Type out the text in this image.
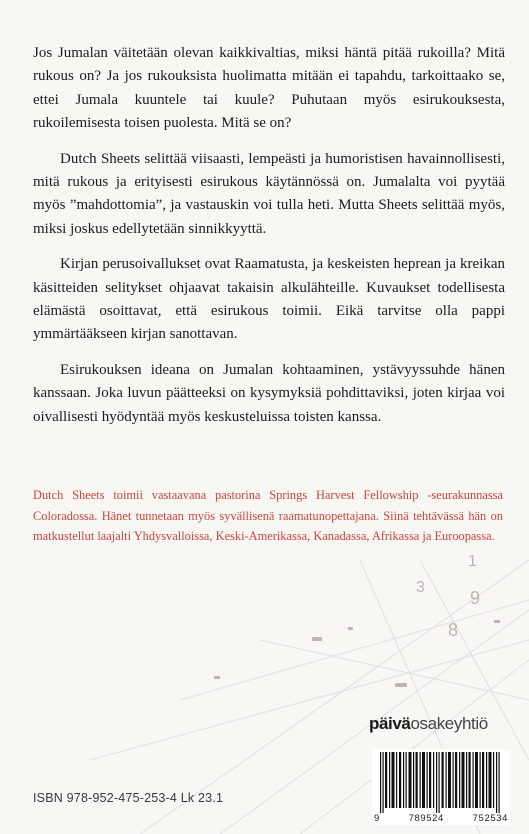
1
3
9
8

Jos Jumalan väitetään olevan kaikkivaltias, miksi häntä pitää rukoilla? Mitä rukous on? Ja jos rukouksista huolimatta mitään ei tapahdu, tarkoittaako se, ettei Jumala kuuntele tai kuule? Puhutaan myös esirukouksesta, rukoilemisesta toisen puolesta. Mitä se on?

Dutch Sheets selittää viisaasti, lempeästi ja humoristisen havainnollisesti, mitä rukous ja erityisesti esirukous käytännössä on. Jumalalta voi pyytää myös ”mahdottomia”, ja vastauskin voi tulla heti. Mutta Sheets selittää myös, miksi joskus edellytetään sinnikkyyttä.

Kirjan perusoivallukset ovat Raamatusta, ja keskeisten heprean ja kreikan käsitteiden selitykset ohjaavat takaisin alkulähteille. Kuvaukset todellisesta elämästä osoittavat, että esirukous toimii. Eikä tarvitse olla pappi ymmärtääkseen kirjan sanottavan.

Esirukouksen ideana on Jumalan kohtaaminen, ystävyyssuhde hänen kanssaan. Joka luvun päätteeksi on kysymyksiä pohdittaviksi, joten kirjaa voi oivallisesti hyödyntää myös keskusteluissa toisten kanssa.

Dutch Sheets toimii vastaavana pastorina Springs Harvest Fellowship -seurakunnassa Coloradossa. Hänet tunnetaan myös syvällisenä raamatunopettajana. Siinä tehtävässä hän on matkustellut laajalti Yhdysvalloissa, Keski-Amerikassa, Kanadassa, Afrikassa ja Euroopassa.

päiväosakeyhtiö
ISBN 978-952-475-253-4 Lk 23.1
9	789524	752534
